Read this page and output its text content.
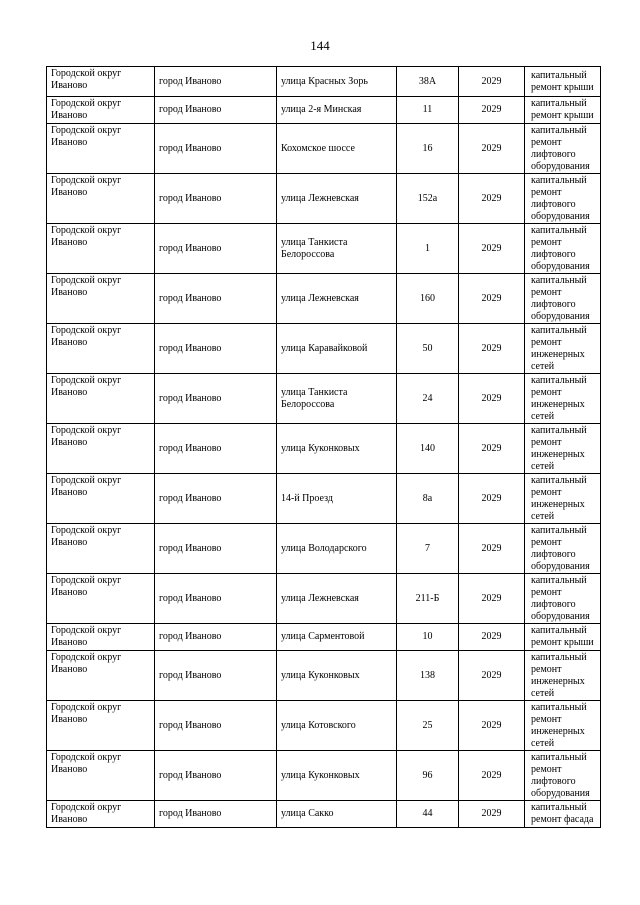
144
Городской округ Иваново	город Иваново	улица Красных Зорь	38А	2029	капитальный ремонт крыши
Городской округ Иваново	город Иваново	улица 2-я Минская	11	2029	капитальный ремонт крыши
Городской округ Иваново	город Иваново	Кохомское шоссе	16	2029	капитальный ремонт лифтового оборудования
Городской округ Иваново	город Иваново	улица Лежневская	152а	2029	капитальный ремонт лифтового оборудования
Городской округ Иваново	город Иваново	улица Танкиста Белороссова	1	2029	капитальный ремонт лифтового оборудования
Городской округ Иваново	город Иваново	улица Лежневская	160	2029	капитальный ремонт лифтового оборудования
Городской округ Иваново	город Иваново	улица Каравайковой	50	2029	капитальный ремонт инженерных сетей
Городской округ Иваново	город Иваново	улица Танкиста Белороссова	24	2029	капитальный ремонт инженерных сетей
Городской округ Иваново	город Иваново	улица Куконковых	140	2029	капитальный ремонт инженерных сетей
Городской округ Иваново	город Иваново	14-й Проезд	8а	2029	капитальный ремонт инженерных сетей
Городской округ Иваново	город Иваново	улица Володарского	7	2029	капитальный ремонт лифтового оборудования
Городской округ Иваново	город Иваново	улица Лежневская	211-Б	2029	капитальный ремонт лифтового оборудования
Городской округ Иваново	город Иваново	улица Сарментовой	10	2029	капитальный ремонт крыши
Городской округ Иваново	город Иваново	улица Куконковых	138	2029	капитальный ремонт инженерных сетей
Городской округ Иваново	город Иваново	улица Котовского	25	2029	капитальный ремонт инженерных сетей
Городской округ Иваново	город Иваново	улица Куконковых	96	2029	капитальный ремонт лифтового оборудования
Городской округ Иваново	город Иваново	улица Сакко	44	2029	капитальный ремонт фасада
